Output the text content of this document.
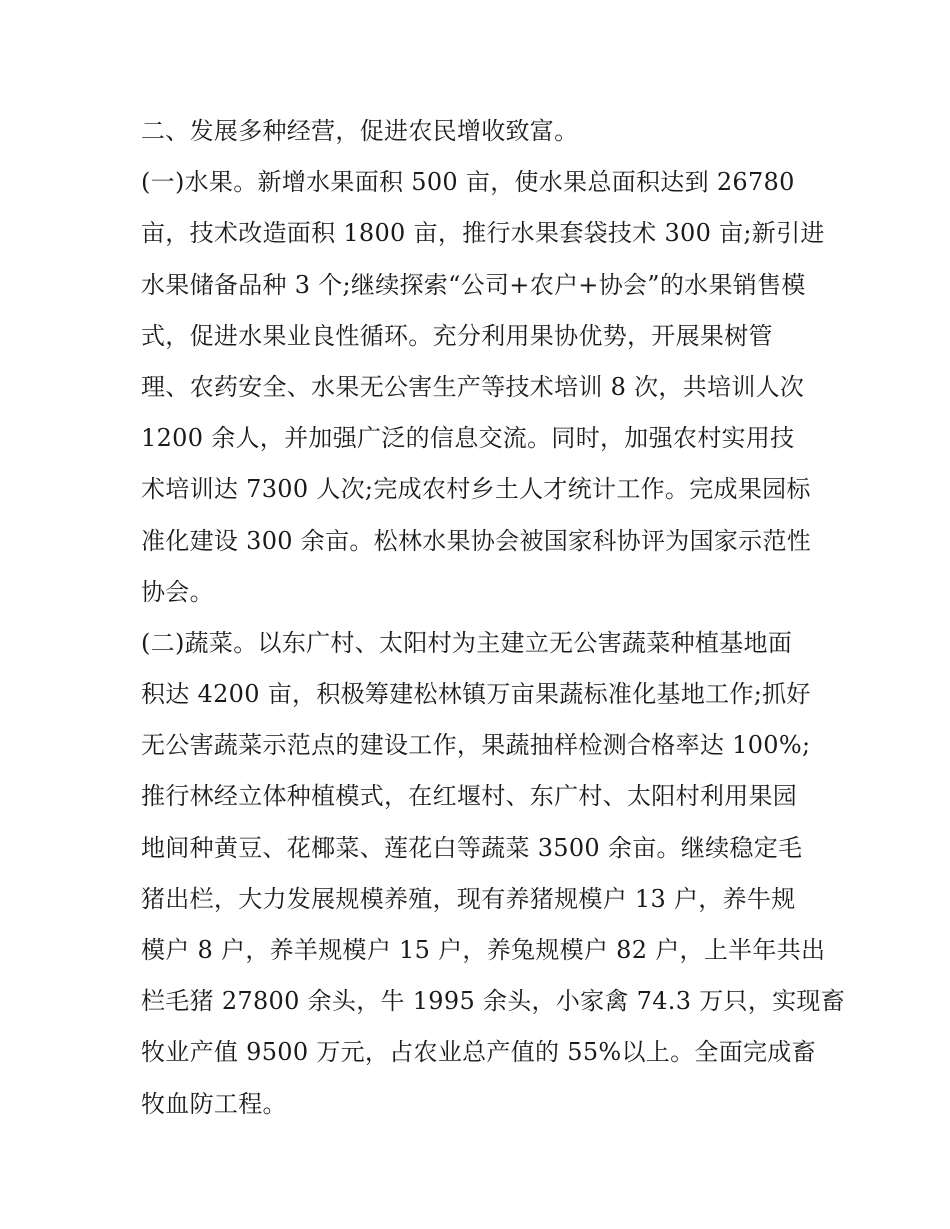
二、发展多种经营，促进农民增收致富。
(一)水果。新增水果面积 500 亩，使水果总面积达到 26780
亩，技术改造面积 1800 亩，推行水果套袋技术 300 亩;新引进
水果储备品种 3 个;继续探索“公司+农户+协会”的水果销售模
式，促进水果业良性循环。充分利用果协优势，开展果树管
理、农药安全、水果无公害生产等技术培训 8 次，共培训人次
1200 余人，并加强广泛的信息交流。同时，加强农村实用技
术培训达 7300 人次;完成农村乡土人才统计工作。完成果园标
准化建设 300 余亩。松林水果协会被国家科协评为国家示范性
协会。
(二)蔬菜。以东广村、太阳村为主建立无公害蔬菜种植基地面
积达 4200 亩，积极筹建松林镇万亩果蔬标准化基地工作;抓好
无公害蔬菜示范点的建设工作，果蔬抽样检测合格率达 100%;
推行林经立体种植模式，在红堰村、东广村、太阳村利用果园
地间种黄豆、花椰菜、莲花白等蔬菜 3500 余亩。继续稳定毛
猪出栏，大力发展规模养殖，现有养猪规模户 13 户，养牛规
模户 8 户，养羊规模户 15 户，养兔规模户 82 户，上半年共出
栏毛猪 27800 余头，牛 1995 余头，小家禽 74.3 万只，实现畜
牧业产值 9500 万元，占农业总产值的 55%以上。全面完成畜
牧血防工程。
